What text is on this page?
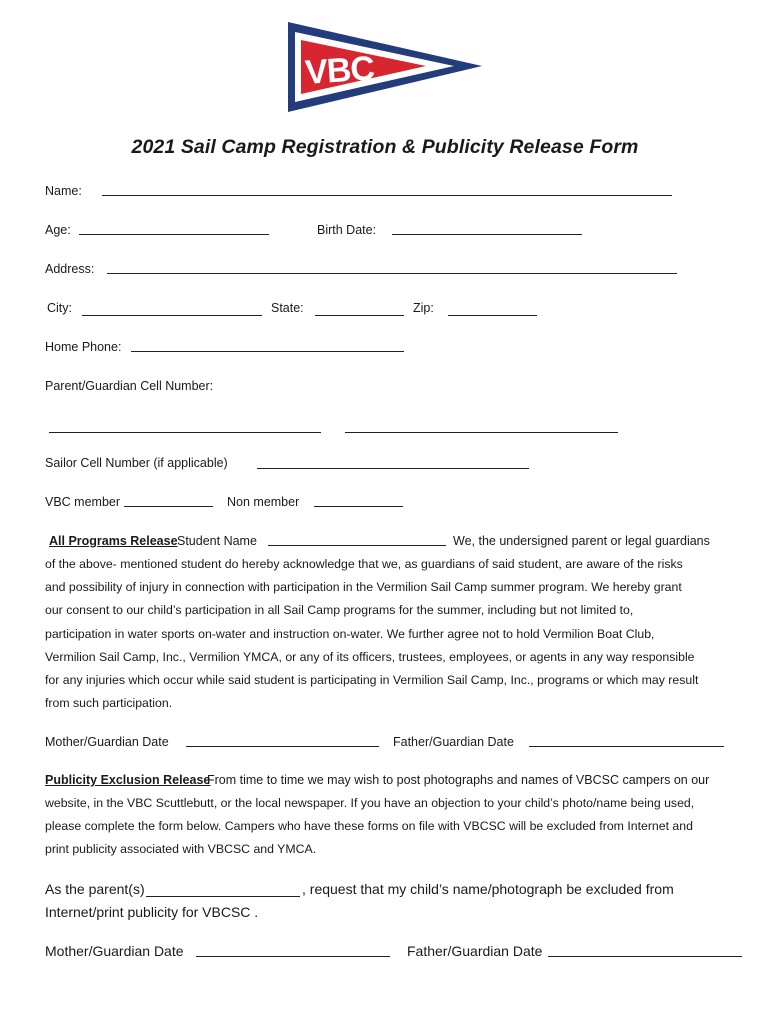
VBC
2021 Sail Camp Registration & Publicity Release Form
Name:
Age:	Birth Date:
Address:
City:	State:	Zip:
Home Phone:
Parent/Guardian Cell Number:
Sailor Cell Number (if applicable)
VBC member	Non member
All Programs Release Student Name	We, the undersigned parent or legal guardians

of the above- mentioned student do hereby acknowledge that we, as guardians of said student, are aware of the risks

and possibility of injury in connection with participation in the Vermilion Sail Camp summer program. We hereby grant

our consent to our child’s participation in all Sail Camp programs for the summer, including but not limited to,

participation in water sports on-water and instruction on-water. We further agree not to hold Vermilion Boat Club,

Vermilion Sail Camp, Inc., Vermilion YMCA, or any of its officers, trustees, employees, or agents in any way responsible

for any injuries which occur while said student is participating in Vermilion Sail Camp, Inc., programs or which may result

from such participation.

Mother/Guardian Date	Father/Guardian Date
Publicity Exclusion Release
From time to time we may wish to post photographs and names of VBCSC campers on our

website, in the VBC Scuttlebutt, or the local newspaper. If you have an objection to your child’s photo/name being used,

please complete the form below. Campers who have these forms on file with VBCSC will be excluded from Internet and

print publicity associated with VBCSC and YMCA.

As the parent(s)	, request that my child’s name/photograph be excluded from
Internet/print publicity for VBCSC .
Mother/Guardian Date	Father/Guardian Date
